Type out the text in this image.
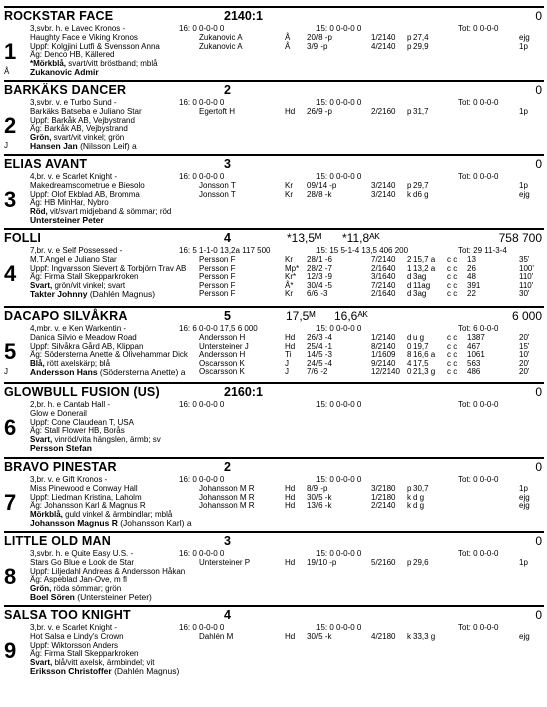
ROCKSTAR FACE	2140:1	0
1
3,svbr. h. e Lavec Kronos -	16: 0 0-0-0 0	15: 0 0-0-0 0	Tot: 0 0-0-0
Haughty Face e Viking Kronos
Uppf: Kolgjini Lutfi & Svensson Anna
Äg: Denco HB, Källered
*Mörkblå, svart/vitt bröstband; mblå
Zukanovic Admir
Å
Zukanovic A	Å 20/8 -p	1/2140 p 27,4	ejg
Zukanovic A	Å 3/9 -p	4/2140 p 29,9	1p
BARKÄKS DANCER	2	0
2
3,svbr. v. e Turbo Sund -	16: 0 0-0-0 0	15: 0 0-0-0 0	Tot: 0 0-0-0
Barkäks Batseba e Juliano Star
Uppf: Barkåk AB, Vejbystrand
Äg: Barkåk AB, Vejbystrand
Grön, svart/vit vinkel; grön
Hansen Jan (Nilsson Leif) a
J
Egertoft H	Hd 26/9 -p	2/2160 p 31,7	1p
ELIAS AVANT	3	0
3
4,br. v. e Scarlet Knight -	16: 0 0-0-0 0	15: 0 0-0-0 0	Tot: 0 0-0-0
Makedreamscometrue e Biesolo
Uppf: Olof Ekblad AB, Bromma
Äg: HB MinHar, Nybro
Röd, vit/svart midjeband & sömmar; röd
Untersteiner Peter
Jonsson T	Kr 09/14 -p	3/2140 p 29,7	1p
Jonsson T	Kr 28/8 -k	3/2140 k d6 g	ejg
FOLLI	4	*13,5ᴹ *11,8ᴬᴷ	758 700
4
7,br. v. e Self Possessed -	16: 5 1-1-0 13,2a 117 500	15: 15 5-1-4 13,5 406 200	Tot: 29 11-3-4
M.T.Angel e Juliano Star
Uppf: Ingvarsson Sievert & Torbjörn Trav AB
Äg: Firma Stall Skepparkroken
Svart, grön/vit vinkel; svart
Takter Johnny (Dahlén Magnus)
Persson F	Kr 28/1 -6	7/2140 2 15,7 a c c 13	35'
Persson F	Mp* 28/2 -7	2/1640 1 13,2 a c c 26	100'
Persson F	Kr* 12/3 -9	3/1640 d 3ag	c c 48	110'
Persson F	Å* 30/4 -5	7/2140 d 11ag c c 391	110'
Persson F	Kr 6/6 -3	2/1640 d 3ag	c c 22	30'
DACAPO SILVÅKRA	5	17,5ᴹ 16,6ᴬᴷ	6 000
5
4,mbr. v. e Ken Warkentin -	16: 6 0-0-0 17,5 6 000	15: 0 0-0-0 0	Tot: 6 0-0-0
Danica Silvio e Meadow Road
Uppf: Silvåkra Gård AB, Klippan
Äg: Södersterna Anette & Olivehammar Dick
Blå, rött axelskärp; blå
Andersson Hans (Södersterna Anette) a
J
Andersson H	Hd 26/3 -4	1/2140 d u g	c c 1387	20'
Untersteiner J	Hd 25/4 -1	8/2140 0 19,7 c c 467	15'
Andersson H	Ti 14/5 -3	1/1609 8 16,6 a c c 1061	10'
Oscarsson K	J 24/5 -4	9/2140 4 17,5 c c 563	20'
Oscarsson K	J 7/6 -2	12/2140 0 21,3 g c c 486	20'
GLOWBULL FUSION (US)	2160:1	0
6
2,br. h. e Cantab Hall -	16: 0 0-0-0 0	15: 0 0-0-0 0	Tot: 0 0-0-0
Glow e Donerail
Uppf: Cone Claudean T, USA
Äg: Stall Flower HB, Borås
Svart, vinröd/vita hängslen, ärmb; sv
Persson Stefan
BRAVO PINESTAR	2	0
7
3,br. v. e Gift Kronos -	16: 0 0-0-0 0	15: 0 0-0-0 0	Tot: 0 0-0-0
Miss Pinewood e Conway Hall
Uppf: Liedman Kristina, Laholm
Äg: Johansson Karl & Magnus R
Mörkblå, guld vinkel & ärmbindlar; mblå
Johansson Magnus R (Johansson Karl) a
Johansson M R	Hd 8/9 -p	3/2180 p 30,7	1p
Johansson M R	Hd 30/5 -k	1/2180 k d g	ejg
Johansson M R	Hd 13/6 -k	2/2140 k d g	ejg
LITTLE OLD MAN	3	0
8
3,svbr. h. e Quite Easy U.S. -	16: 0 0-0-0 0	15: 0 0-0-0 0	Tot: 0 0-0-0
Stars Go Blue e Look de Star
Uppf: Liljedahl Andreas & Andersson Håkan
Äg: Aspeblad Jan-Ove, m fl
Grön, röda sömmar; grön
Boel Sören (Untersteiner Peter)
Untersteiner P	Hd 19/10 -p	5/2160 p 29,6	1p
SALSA TOO KNIGHT	4	0
9
3,br. v. e Scarlet Knight -	16: 0 0-0-0 0	15: 0 0-0-0 0	Tot: 0 0-0-0
Hot Salsa e Lindy's Crown
Uppf: Wiktorsson Anders
Äg: Firma Stall Skepparkroken
Svart, blå/vitt axelsk, ärmbindel; vit
Eriksson Christoffer (Dahlén Magnus)
Dahlén M	Hd 30/5 -k	4/2180 k 33,3 g	ejg
